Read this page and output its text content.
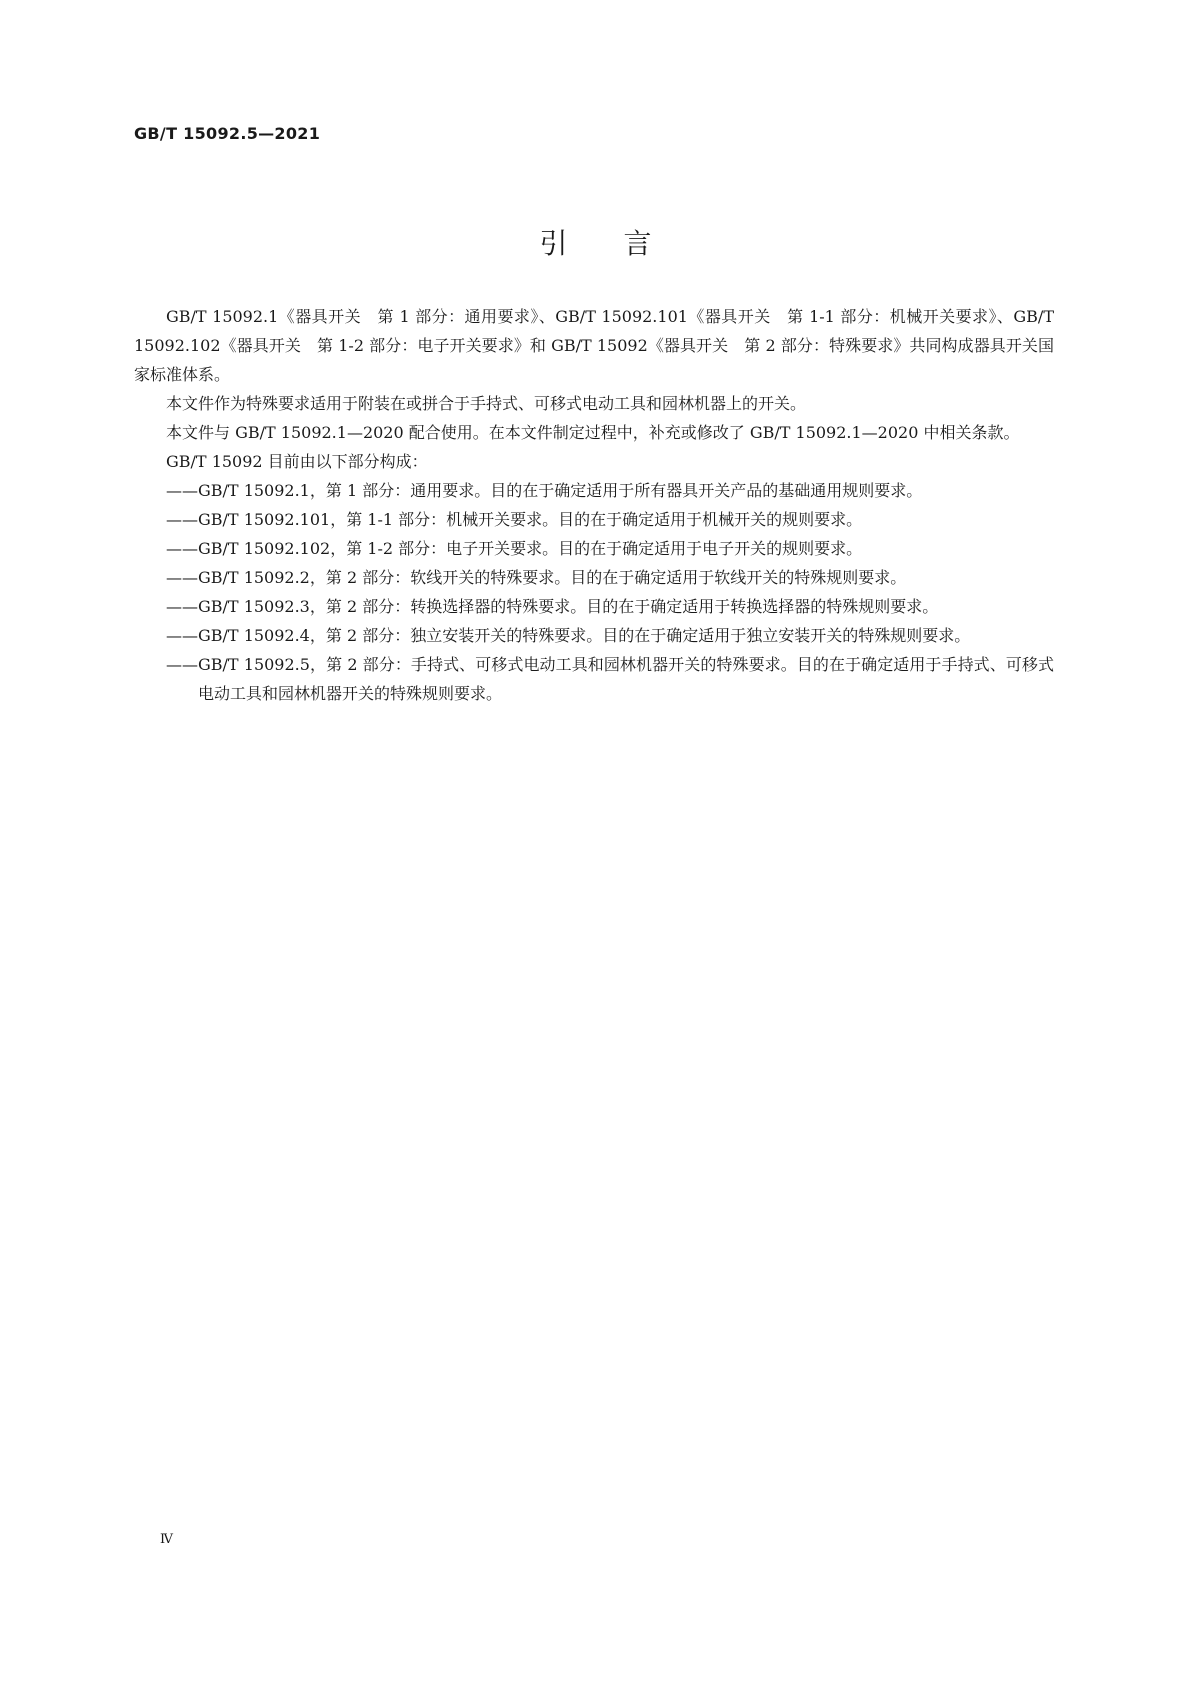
GB/T 15092.5—2021
引 言

GB/T 15092.1《器具开关　第 1 部分：通用要求》、GB/T 15092.101《器具开关　第 1-1 部分：机械开关要求》、GB/T 15092.102《器具开关　第 1-2 部分：电子开关要求》和 GB/T 15092《器具开关　第 2 部分：特殊要求》共同构成器具开关国家标准体系。

本文件作为特殊要求适用于附装在或拼合于手持式、可移式电动工具和园林机器上的开关。

本文件与 GB/T 15092.1—2020 配合使用。在本文件制定过程中，补充或修改了 GB/T 15092.1—2020 中相关条款。

GB/T 15092 目前由以下部分构成：

——GB/T 15092.1，第 1 部分：通用要求。目的在于确定适用于所有器具开关产品的基础通用规则要求。

——GB/T 15092.101，第 1-1 部分：机械开关要求。目的在于确定适用于机械开关的规则要求。

——GB/T 15092.102，第 1-2 部分：电子开关要求。目的在于确定适用于电子开关的规则要求。

——GB/T 15092.2，第 2 部分：软线开关的特殊要求。目的在于确定适用于软线开关的特殊规则要求。

——GB/T 15092.3，第 2 部分：转换选择器的特殊要求。目的在于确定适用于转换选择器的特殊规则要求。

——GB/T 15092.4，第 2 部分：独立安装开关的特殊要求。目的在于确定适用于独立安装开关的特殊规则要求。

——GB/T 15092.5，第 2 部分：手持式、可移式电动工具和园林机器开关的特殊要求。目的在于确定适用于手持式、可移式电动工具和园林机器开关的特殊规则要求。

Ⅳ
